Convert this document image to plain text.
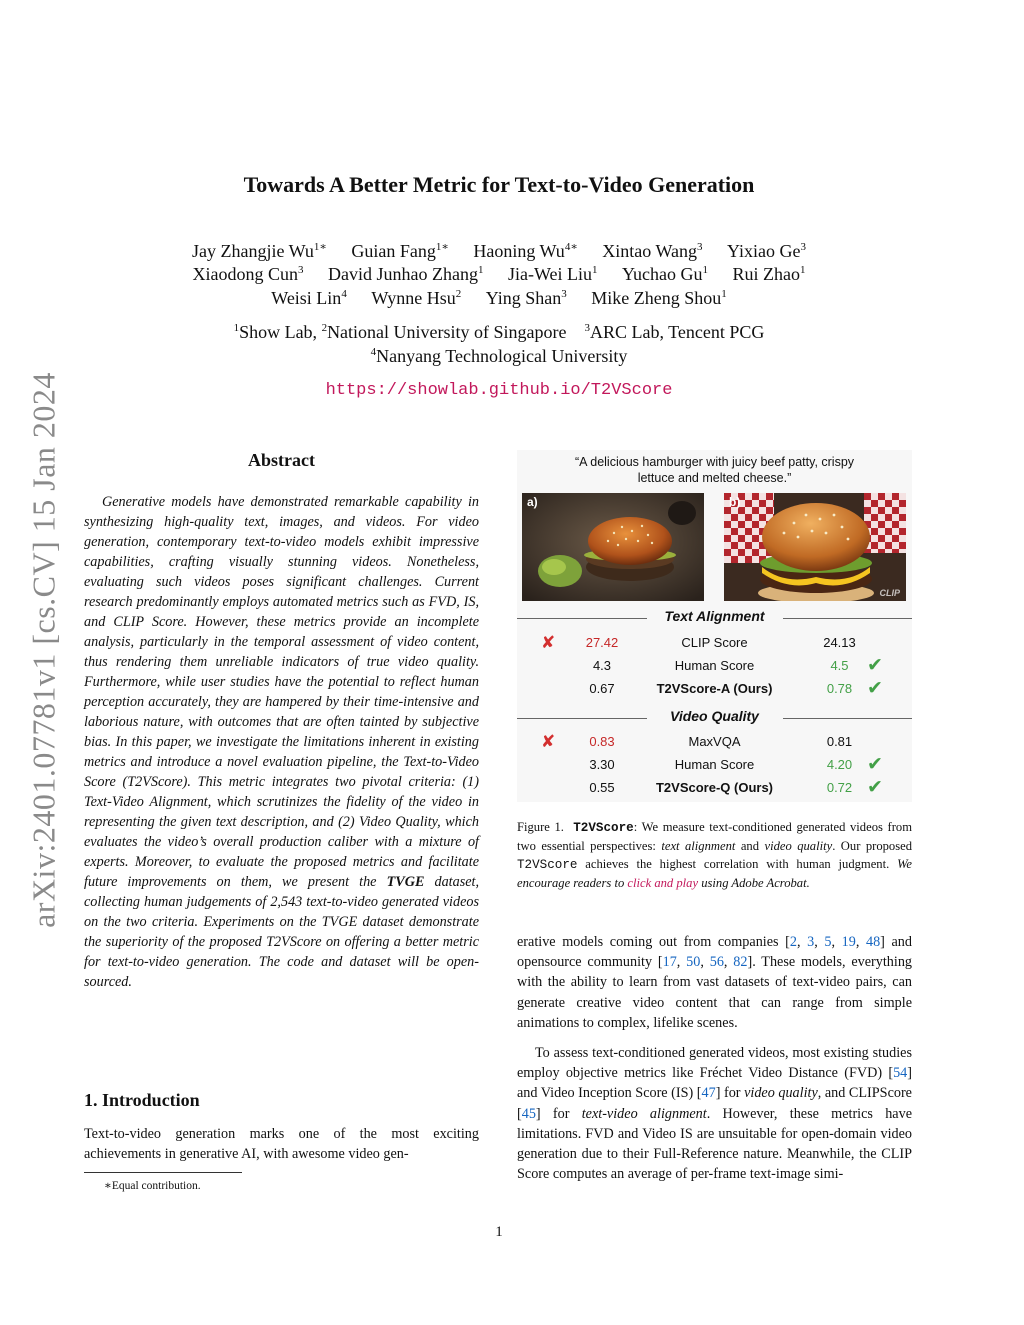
arXiv:2401.07781v1 [cs.CV] 15 Jan 2024
Towards A Better Metric for Text-to-Video Generation
Jay Zhangjie $Wu^{1∗}$ Guian Fang$^{1∗}$ Haoning $Wu^{4∗}$ Xintao Wang$^3$ Yixiao Ge$^3$
Xiaodong Cun$^3$ David Junhao Zhang$^1$ Jia-Wei Liu$^1$ Yuchao Gu$^1$ Rui Zhao$^1$
Weisi Lin$^4$ Wynne Hsu$^2$ Ying Shan$^3$ Mike Zheng Shou$^1$
$^1$Show Lab, $^2$National University of Singapore $^3$ARC Lab, Tencent PCG
$^4$Nanyang Technological University
https://showlab.github.io/T2VScore
Abstract

Generative models have demonstrated remarkable capability in synthesizing high-quality text, images, and videos. For video generation, contemporary text-to-video models exhibit impressive capabilities, crafting visually stunning videos. Nonetheless, evaluating such videos poses significant challenges. Current research predominantly employs automated metrics such as FVD, IS, and CLIP Score. However, these metrics provide an incomplete analysis, particularly in the temporal assessment of video content, thus rendering them unreliable indicators of true video quality. Furthermore, while user studies have the potential to reflect human perception accurately, they are hampered by their time-intensive and laborious nature, with outcomes that are often tainted by subjective bias. In this paper, we investigate the limitations inherent in existing metrics and introduce a novel evaluation pipeline, the Text-to-Video Score (T2VScore). This metric integrates two pivotal criteria: (1) Text-Video Alignment, which scrutinizes the fidelity of the video in representing the given text description, and (2) Video Quality, which evaluates the video’s overall production caliber with a mixture of experts. Moreover, to evaluate the proposed metrics and facilitate future improvements on them, we present the TVGE dataset, collecting human judgements of 2,543 text-to-video generated videos on the two criteria. Experiments on the TVGE dataset demonstrate the superiority of the proposed T2VScore on offering a better metric for text-to-video generation. The code and dataset will be open-sourced.

1. Introduction

Text-to-video generation marks one of the most exciting achievements in generative AI, with awesome video gen-

∗Equal contribution.
“A delicious hamburger with juicy beef patty, crispy
lettuce and melted cheese.”
a)	b)
CLIP
Text Alignment
✘	27.42	CLIP Score	24.13
4.3	Human Score	4.5 ✔
0.67	T2VScore-A (Ours)	0.78 ✔
Video Quality
✘	0.83	MaxVQA	0.81
3.30	Human Score	4.20 ✔
0.55	T2VScore-Q (Ours)	0.72 ✔
Figure 1. T2VScore: We measure text-conditioned generated videos from two essential perspectives: text alignment and video quality. Our proposed T2VScore achieves the highest correlation with human judgment. We encourage readers to click and play using Adobe Acrobat.

erative models coming out from companies [2, 3, 5, 19, 48] and opensource community [17, 50, 56, 82]. These models, everything with the ability to learn from vast datasets of text-video pairs, can generate creative video content that can range from simple animations to complex, lifelike scenes.

To assess text-conditioned generated videos, most existing studies employ objective metrics like Fréchet Video Distance (FVD) [54] and Video Inception Score (IS) [47] for video quality, and CLIPScore [45] for text-video alignment. However, these metrics have limitations. FVD and Video IS are unsuitable for open-domain video generation due to their Full-Reference nature. Meanwhile, the CLIP Score computes an average of per-frame text-image simi-

1
